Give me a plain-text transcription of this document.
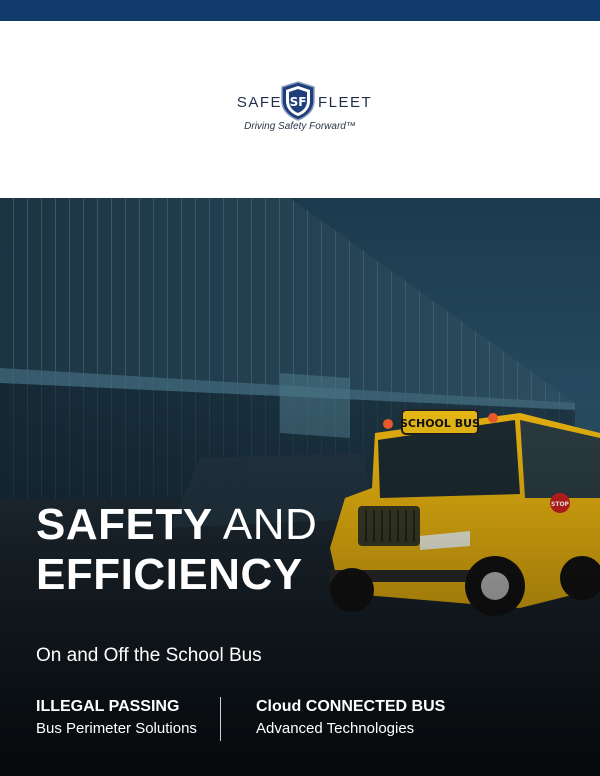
SAFE SF FLEET
Driving Safety Forward™
SAFETY AND
EFFICIENCY
On and Off the School Bus
ILLEGAL PASSING
Bus Perimeter Solutions
Cloud CONNECTED BUS
Advanced Technologies
